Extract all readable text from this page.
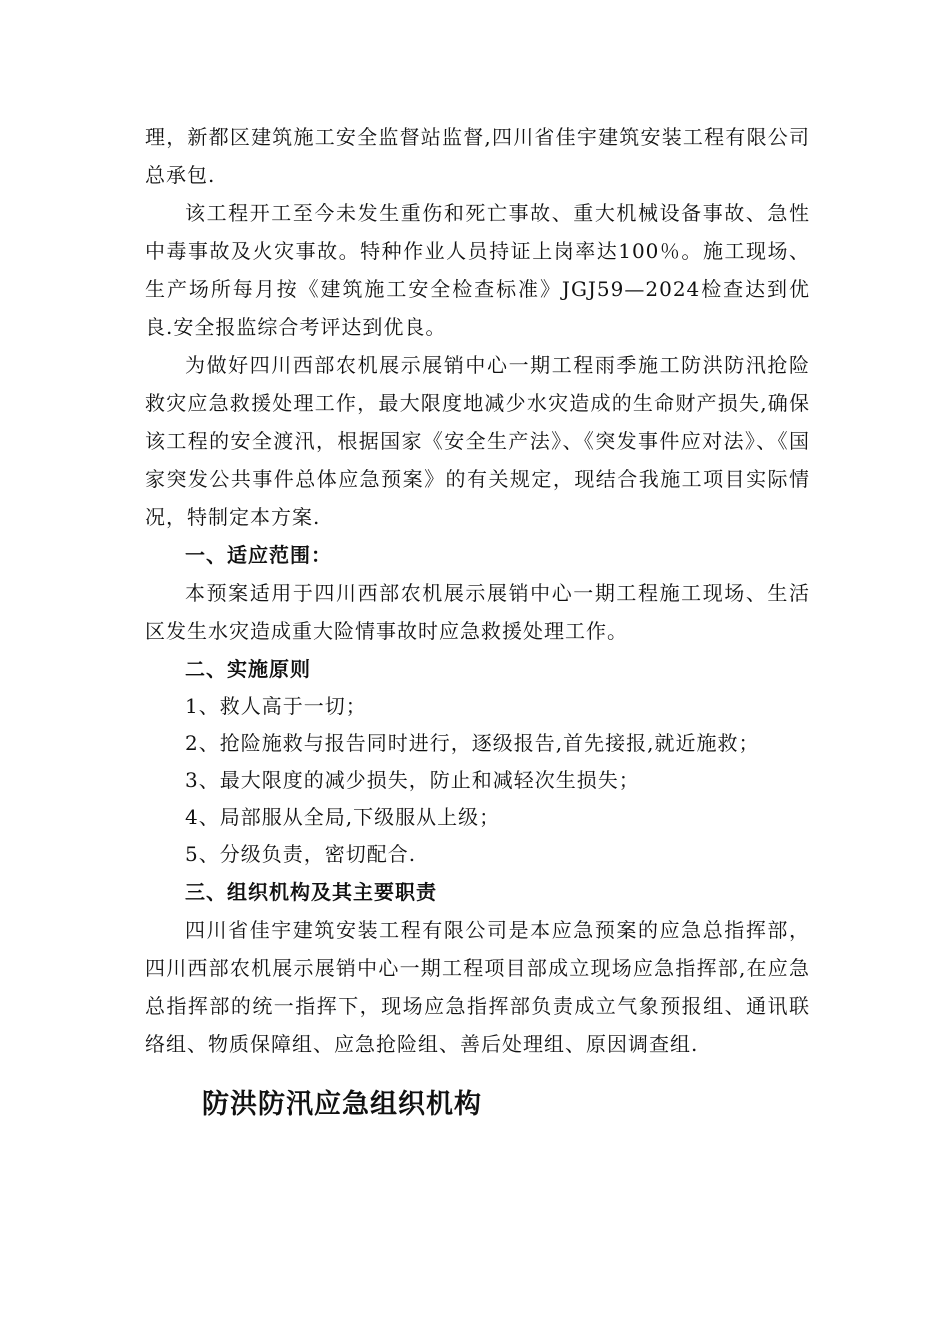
理，新都区建筑施工安全监督站监督,四川省佳宇建筑安装工程有限公司总承包.

该工程开工至今未发生重伤和死亡事故、重大机械设备事故、急性中毒事故及火灾事故。特种作业人员持证上岗率达100％。施工现场、生产场所每月按《建筑施工安全检查标准》JGJ59—2024检查达到优良.安全报监综合考评达到优良。

为做好四川西部农机展示展销中心一期工程雨季施工防洪防汛抢险救灾应急救援处理工作，最大限度地减少水灾造成的生命财产损失,确保该工程的安全渡汛，根据国家《安全生产法》、《突发事件应对法》、《国家突发公共事件总体应急预案》的有关规定，现结合我施工项目实际情况，特制定本方案.

一、适应范围：

本预案适用于四川西部农机展示展销中心一期工程施工现场、生活区发生水灾造成重大险情事故时应急救援处理工作。

二、实施原则

1、救人高于一切；

2、抢险施救与报告同时进行，逐级报告,首先接报,就近施救；

3、最大限度的减少损失，防止和减轻次生损失；

4、局部服从全局,下级服从上级；

5、分级负责，密切配合.

三、组织机构及其主要职责

四川省佳宇建筑安装工程有限公司是本应急预案的应急总指挥部，四川西部农机展示展销中心一期工程项目部成立现场应急指挥部,在应急总指挥部的统一指挥下，现场应急指挥部负责成立气象预报组、通讯联络组、物质保障组、应急抢险组、善后处理组、原因调查组.

防洪防汛应急组织机构
